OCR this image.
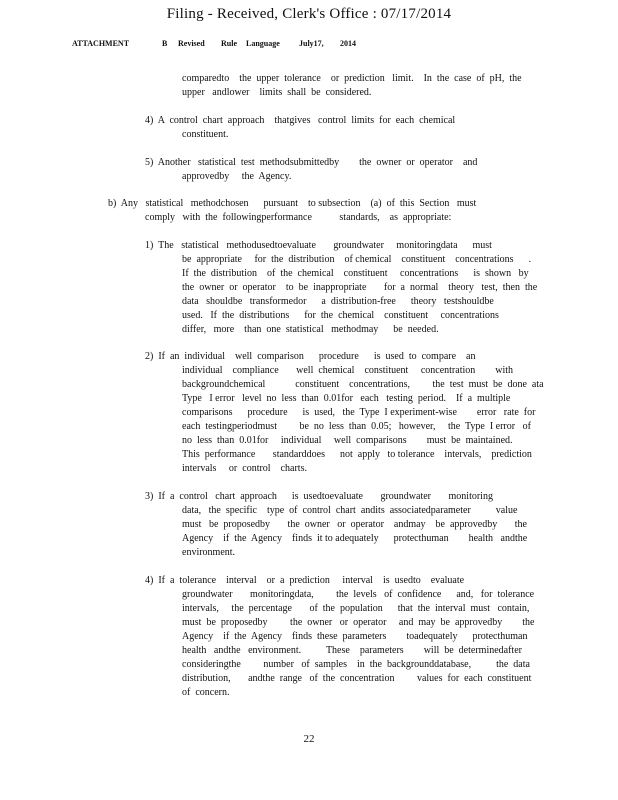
Filing - Received, Clerk's Office : 07/17/2014
ATTACHMENT	B	Revised	Rule	Language	July17,	2014
comparedto    the  upper  tolerance    or  prediction   limit.    In  the  case  of  pH,  the
upper   andlower    limits  shall  be  considered.
4)  A  control  chart  approach    thatgives   control  limits  for  each  chemical
constituent.
5)  Another   statistical  test  methodsubmittedby        the  owner  or  operator    and
approvedby     the  Agency.
b)  Any   statistical   methodchosen      pursuant    to subsection    (a)  of  this  Section   must
comply   with  the  followingperformance           standards,    as  appropriate:
1)  The   statistical   methodusedtoevaluate       groundwater     monitoringdata      must
be  appropriate     for  the  distribution    of chemical    constituent    concentrations      .
If  the  distribution    of  the  chemical    constituent     concentrations      is  shown   by
the  owner  or  operator    to  be  inappropriate       for  a  normal    theory   test,  then  the
data   shouldbe   transformedor      a  distribution-free      theory   testshouldbe
used.   If  the  distributions      for  the  chemical    constituent     concentrations
differ,   more    than  one  statistical   methodmay      be  needed.
2)  If  an  individual    well  comparison      procedure      is  used  to  compare    an
individual    compliance       well  chemical    constituent     concentration        with
backgroundchemical            constituent    concentrations,         the  test  must  be  done  ata
Type   I error   level  no  less  than  0.01for   each   testing  period.    If  a  multiple
comparisons      procedure      is  used,   the  Type  I experiment-wise        error   rate  for
each  testingperiodmust         be  no  less  than  0.05;   however,     the  Type  I error   of
no  less  than  0.01for     individual     well  comparisons        must  be  maintained.
This  performance       standarddoes      not  apply   to tolerance    intervals,    prediction
intervals     or  control    charts.
3)  If  a  control   chart  approach      is  usedtoevaluate       groundwater       monitoring
data,   the  specific    type  of  control  chart  andits  associatedparameter          value
must   be  proposedby       the  owner   or  operator    andmay    be  approvedby       the
Agency    if  the  Agency    finds  it to adequately      protecthuman        health   andthe
environment.
4)  If  a  tolerance    interval    or  a  prediction     interval    is  usedto    evaluate
groundwater       monitoringdata,         the  levels   of  confidence      and,   for  tolerance
intervals,     the  percentage       of  the  population      that  the  interval  must   contain,
must  be  proposedby         the  owner   or  operator     and  may  be  approvedby        the
Agency    if  the  Agency    finds  these  parameters        toadequately      protecthuman
health   andthe   environment.          These    parameters        will  be  determinedafter
consideringthe         number   of  samples    in  the  backgrounddatabase,          the  data
distribution,       andthe  range   of  the  concentration         values  for  each  constituent
of  concern.
22
